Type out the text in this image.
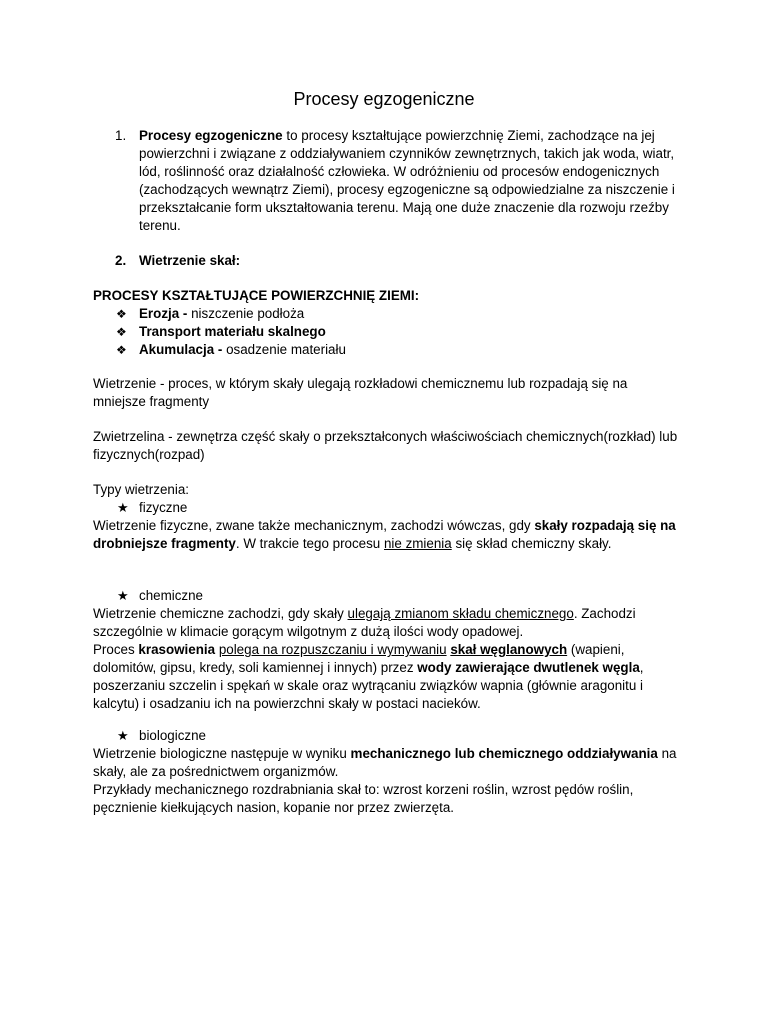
Procesy egzogeniczne
1. Procesy egzogeniczne to procesy kształtujące powierzchnię Ziemi, zachodzące na jej powierzchni i związane z oddziaływaniem czynników zewnętrznych, takich jak woda, wiatr, lód, roślinność oraz działalność człowieka. W odróżnieniu od procesów endogenicznych (zachodzących wewnątrz Ziemi), procesy egzogeniczne są odpowiedzialne za niszczenie i przekształcanie form ukształtowania terenu. Mają one duże znaczenie dla rozwoju rzeźby terenu.
2. Wietrzenie skał:

PROCESY KSZTAŁTUJĄCE POWIERZCHNIĘ ZIEMI:

❖ Erozja - niszczenie podłoża
❖ Transport materiału skalnego
❖ Akumulacja - osadzenie materiału

Wietrzenie - proces, w którym skały ulegają rozkładowi chemicznemu lub rozpadają się na mniejsze fragmenty

Zwietrzelina - zewnętrza część skały o przekształconych właściwościach chemicznych(rozkład) lub fizycznych(rozpad)

Typy wietrzenia:

★ fizyczne

Wietrzenie fizyczne, zwane także mechanicznym, zachodzi wówczas, gdy skały rozpadają się na drobniejsze fragmenty. W trakcie tego procesu nie zmienia się skład chemiczny skały.

★ chemiczne

Wietrzenie chemiczne zachodzi, gdy skały ulegają zmianom składu chemicznego. Zachodzi szczególnie w klimacie gorącym wilgotnym z dużą ilości wody opadowej.

Proces krasowienia polega na rozpuszczaniu i wymywaniu skał węglanowych (wapieni, dolomitów, gipsu, kredy, soli kamiennej i innych) przez wody zawierające dwutlenek węgla, poszerzaniu szczelin i spękań w skale oraz wytrącaniu związków wapnia (głównie aragonitu i kalcytu) i osadzaniu ich na powierzchni skały w postaci nacieków.

★ biologiczne

Wietrzenie biologiczne następuje w wyniku mechanicznego lub chemicznego oddziaływania na skały, ale za pośrednictwem organizmów.

Przykłady mechanicznego rozdrabniania skał to: wzrost korzeni roślin, wzrost pędów roślin, pęcznienie kiełkujących nasion, kopanie nor przez zwierzęta.
